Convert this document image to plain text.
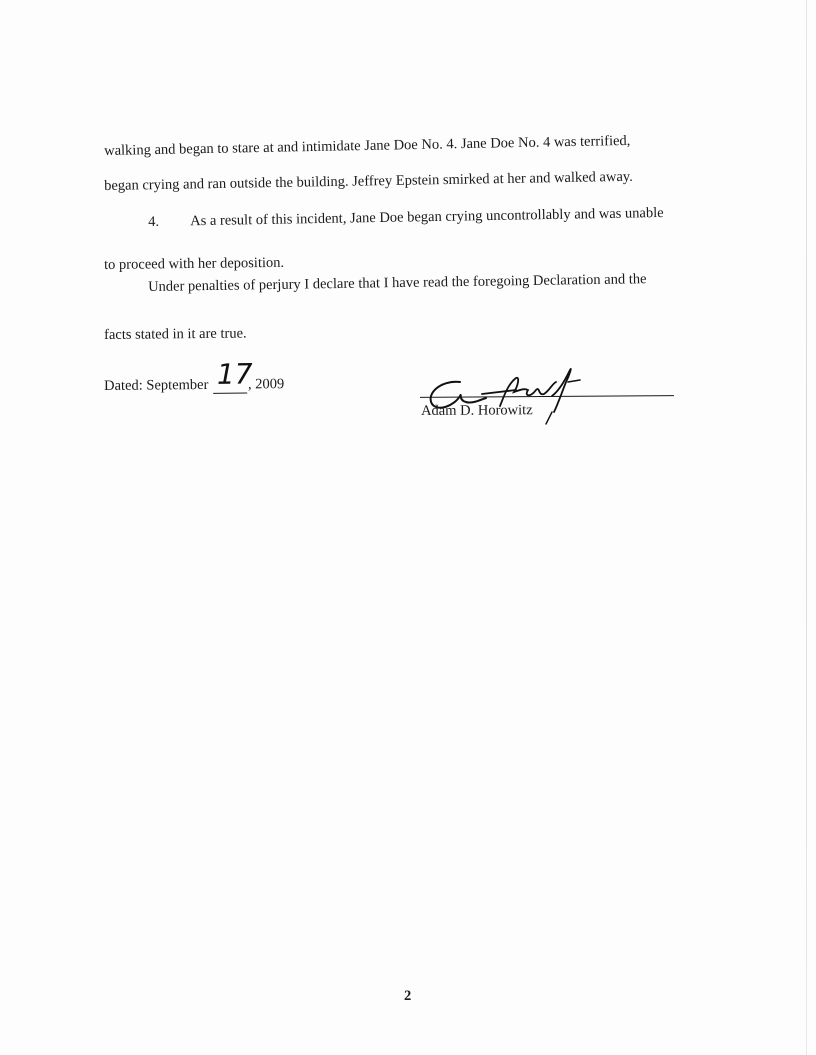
walking and began to stare at and intimidate Jane Doe No. 4. Jane Doe No. 4 was terrified,
began crying and ran outside the building. Jeffrey Epstein smirked at her and walked away.
4. As a result of this incident, Jane Doe began crying uncontrollably and was unable
to proceed with her deposition.
Under penalties of perjury I declare that I have read the foregoing Declaration and the
facts stated in it are true.
Dated: September 17
, 2009
Adam D. Horowitz
2
